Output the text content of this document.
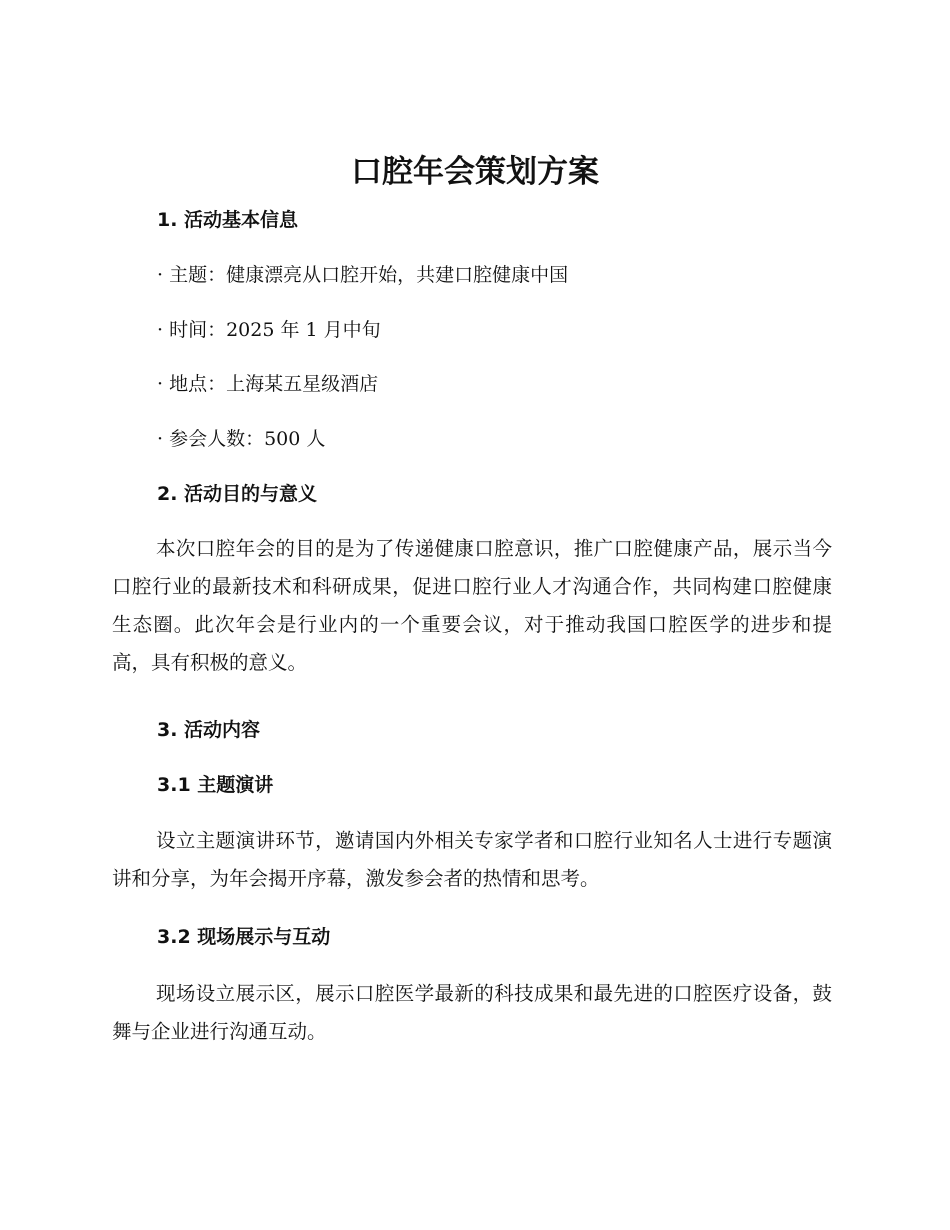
口腔年会策划方案
1. 活动基本信息

· 主题：健康漂亮从口腔开始，共建口腔健康中国

· 时间：2025 年 1 月中旬

· 地点：上海某五星级酒店

· 参会人数：500 人

2. 活动目的与意义

本次口腔年会的目的是为了传递健康口腔意识，推广口腔健康产品，展示当今口腔行业的最新技术和科研成果，促进口腔行业人才沟通合作，共同构建口腔健康生态圈。此次年会是行业内的一个重要会议，对于推动我国口腔医学的进步和提高，具有积极的意义。

3. 活动内容
3.1 主题演讲

设立主题演讲环节，邀请国内外相关专家学者和口腔行业知名人士进行专题演讲和分享，为年会揭开序幕，激发参会者的热情和思考。

3.2 现场展示与互动

现场设立展示区，展示口腔医学最新的科技成果和最先进的口腔医疗设备，鼓舞与企业进行沟通互动。
